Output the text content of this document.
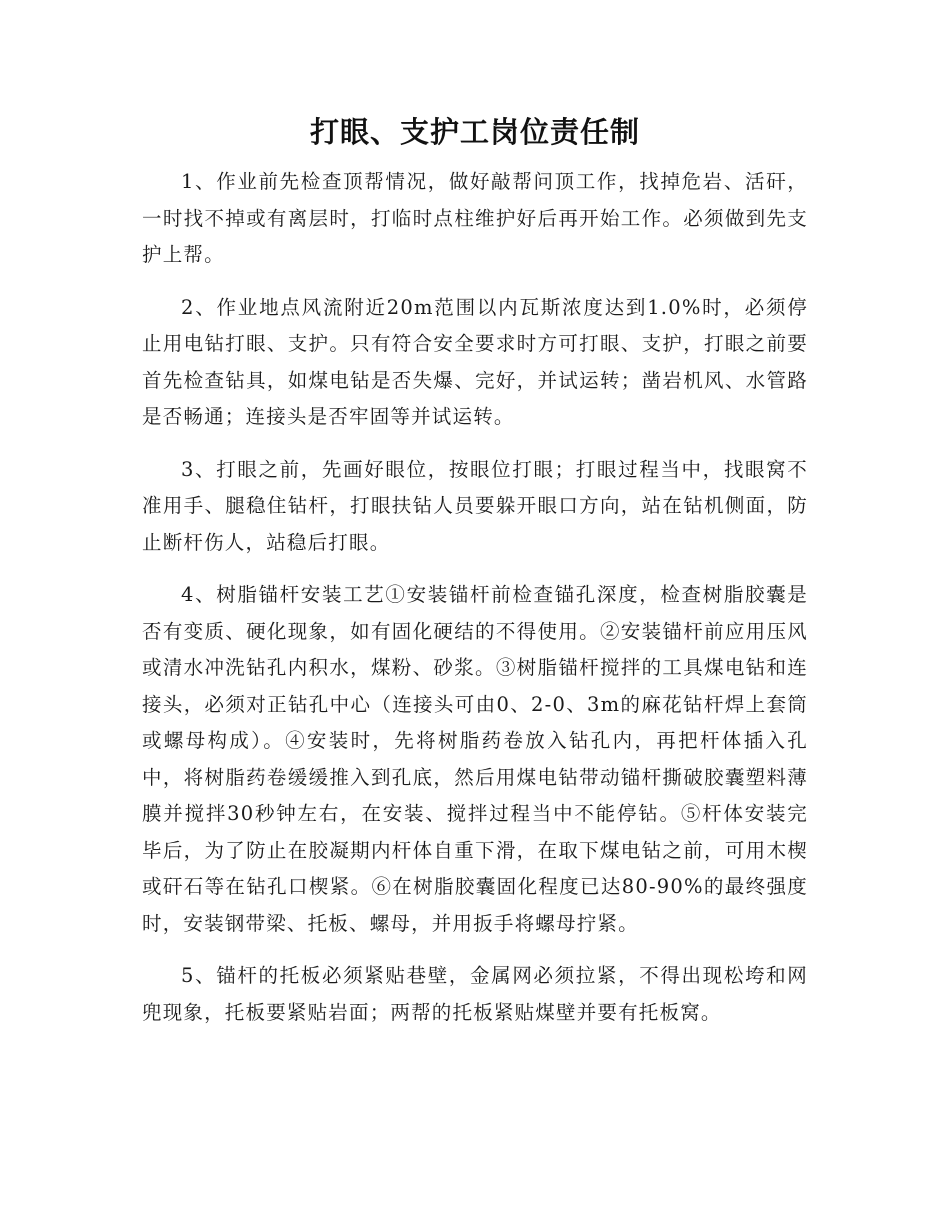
打眼、支护工岗位责任制

1、作业前先检查顶帮情况，做好敲帮问顶工作，找掉危岩、活矸，一时找不掉或有离层时，打临时点柱维护好后再开始工作。必须做到先支护上帮。

2、作业地点风流附近20m范围以内瓦斯浓度达到1.0%时，必须停止用电钻打眼、支护。只有符合安全要求时方可打眼、支护，打眼之前要首先检查钻具，如煤电钻是否失爆、完好，并试运转；凿岩机风、水管路是否畅通；连接头是否牢固等并试运转。

3、打眼之前，先画好眼位，按眼位打眼；打眼过程当中，找眼窝不准用手、腿稳住钻杆，打眼扶钻人员要躲开眼口方向，站在钻机侧面，防止断杆伤人，站稳后打眼。

4、树脂锚杆安装工艺①安装锚杆前检查锚孔深度，检查树脂胶囊是否有变质、硬化现象，如有固化硬结的不得使用。②安装锚杆前应用压风或清水冲洗钻孔内积水，煤粉、砂浆。③树脂锚杆搅拌的工具煤电钻和连接头，必须对正钻孔中心（连接头可由0、2-0、3m的麻花钻杆焊上套筒或螺母构成）。④安装时，先将树脂药卷放入钻孔内，再把杆体插入孔中，将树脂药卷缓缓推入到孔底，然后用煤电钻带动锚杆撕破胶囊塑料薄膜并搅拌30秒钟左右，在安装、搅拌过程当中不能停钻。⑤杆体安装完毕后，为了防止在胶凝期内杆体自重下滑，在取下煤电钻之前，可用木楔或矸石等在钻孔口楔紧。⑥在树脂胶囊固化程度已达80-90%的最终强度时，安装钢带梁、托板、螺母，并用扳手将螺母拧紧。

5、锚杆的托板必须紧贴巷壁，金属网必须拉紧，不得出现松垮和网兜现象，托板要紧贴岩面；两帮的托板紧贴煤壁并要有托板窝。
